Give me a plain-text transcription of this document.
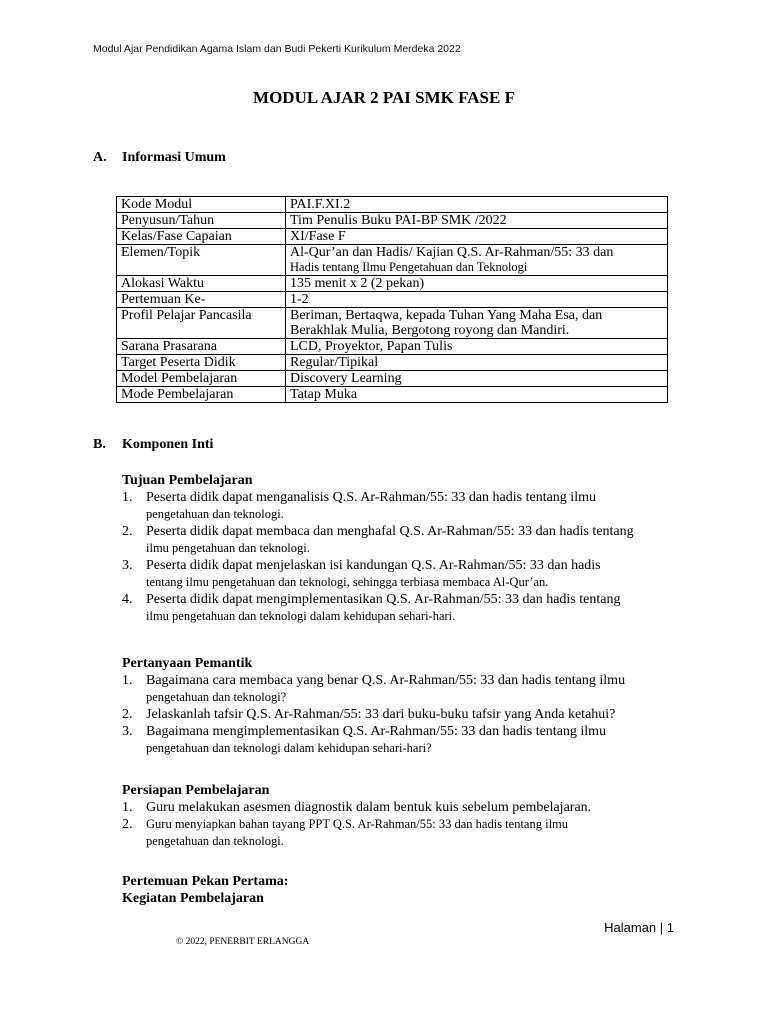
Modul Ajar Pendidikan Agama Islam dan Budi Pekerti Kurikulum Merdeka 2022
MODUL AJAR 2 PAI SMK FASE F
A. Informasi Umum
Kode Modul	PAI.F.XI.2
Penyusun/Tahun	Tim Penulis Buku PAI-BP SMK /2022
Kelas/Fase Capaian	XI/Fase F
Elemen/Topik	Al-Qur’an dan Hadis/ Kajian Q.S. Ar-Rahman/55: 33 dan
Hadis tentang Ilmu Pengetahuan dan Teknologi

Alokasi Waktu	135 menit x 2 (2 pekan)
Pertemuan Ke-	1-2
Profil Pelajar Pancasila	Beriman, Bertaqwa, kepada Tuhan Yang Maha Esa, dan
Berakhlak Mulia, Bergotong royong dan Mandiri.

Sarana Prasarana	LCD, Proyektor, Papan Tulis
Target Peserta Didik	Regular/Tipikal
Model Pembelajaran	Discovery Learning
Mode Pembelajaran	Tatap Muka
B. Komponen Inti
Tujuan Pembelajaran
1. Peserta didik dapat menganalisis Q.S. Ar-Rahman/55: 33 dan hadis tentang ilmu
pengetahuan dan teknologi.
2. Peserta didik dapat membaca dan menghafal Q.S. Ar-Rahman/55: 33 dan hadis tentang
ilmu pengetahuan dan teknologi.
3. Peserta didik dapat menjelaskan isi kandungan Q.S. Ar-Rahman/55: 33 dan hadis
tentang ilmu pengetahuan dan teknologi, sehingga terbiasa membaca Al-Qur’an.
4. Peserta didik dapat mengimplementasikan Q.S. Ar-Rahman/55: 33 dan hadis tentang
ilmu pengetahuan dan teknologi dalam kehidupan sehari-hari.
Pertanyaan Pemantik
1. Bagaimana cara membaca yang benar Q.S. Ar-Rahman/55: 33 dan hadis tentang ilmu
pengetahuan dan teknologi?
2. Jelaskanlah tafsir Q.S. Ar-Rahman/55: 33 dari buku-buku tafsir yang Anda ketahui?
3. Bagaimana mengimplementasikan Q.S. Ar-Rahman/55: 33 dan hadis tentang ilmu
pengetahuan dan teknologi dalam kehidupan sehari-hari?
Persiapan Pembelajaran
1. Guru melakukan asesmen diagnostik dalam bentuk kuis sebelum pembelajaran.
2. Guru menyiapkan bahan tayang PPT Q.S. Ar-Rahman/55: 33 dan hadis tentang ilmu
pengetahuan dan teknologi.
Pertemuan Pekan Pertama:
Kegiatan Pembelajaran
Halaman | 1
© 2022, PENERBIT ERLANGGA
